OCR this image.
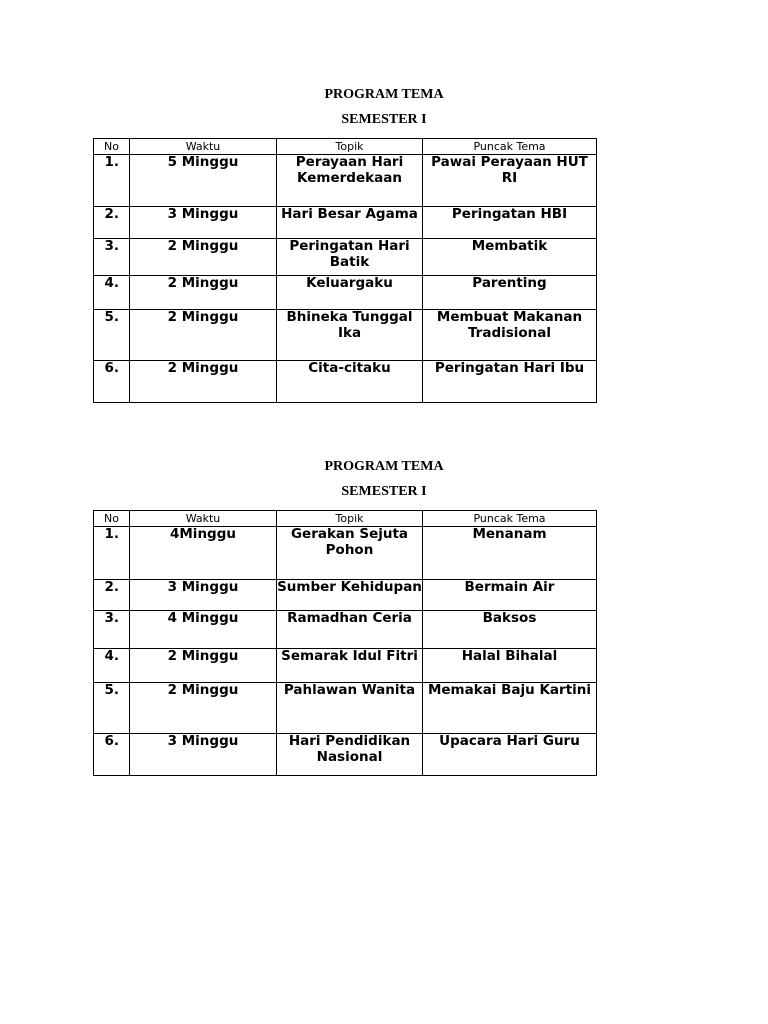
PROGRAM TEMA
SEMESTER I
No	Waktu	Topik	Puncak Tema
1.	5 Minggu	Perayaan Hari Kemerdekaan	Pawai Perayaan HUT RI
2.	3 Minggu	Hari Besar Agama	Peringatan HBI
3.	2 Minggu	Peringatan Hari Batik	Membatik
4.	2 Minggu	Keluargaku	Parenting
5.	2 Minggu	Bhineka Tunggal Ika	Membuat Makanan Tradisional
6.	2 Minggu	Cita-citaku	Peringatan Hari Ibu
PROGRAM TEMA
SEMESTER I
No	Waktu	Topik	Puncak Tema
1.	4Minggu	Gerakan Sejuta Pohon	Menanam
2.	3 Minggu	Sumber Kehidupan	Bermain Air
3.	4 Minggu	Ramadhan Ceria	Baksos
4.	2 Minggu	Semarak Idul Fitri	Halal Bihalal
5.	2 Minggu	Pahlawan Wanita	Memakai Baju Kartini
6.	3 Minggu	Hari Pendidikan Nasional	Upacara Hari Guru
